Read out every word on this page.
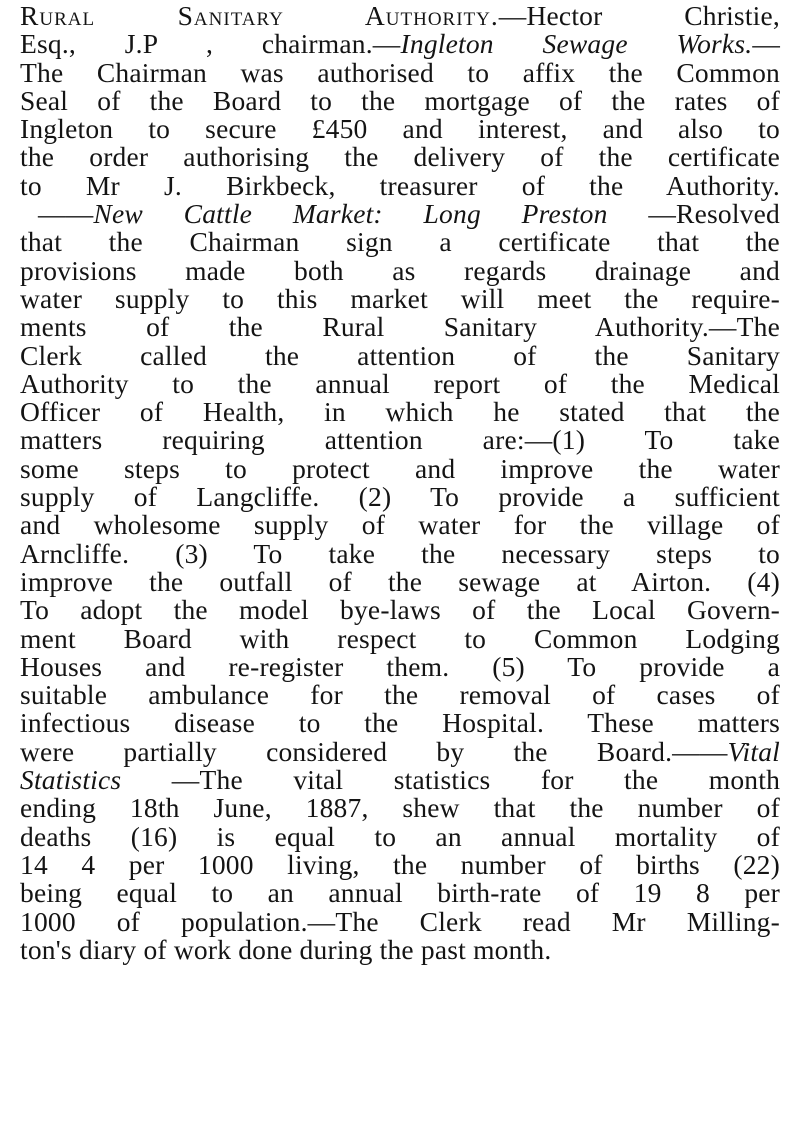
Rural Sanitary Authority.—Hector Christie,
Esq., J.P , chairman.—Ingleton Sewage Works.—
The Chairman was authorised to affix the Common
Seal of the Board to the mortgage of the rates of
Ingleton to secure £450 and interest, and also to
the order authorising the delivery of the certificate
to Mr J. Birkbeck, treasurer of the Authority.
——New Cattle Market: Long Preston —Resolved
that the Chairman sign a certificate that the
provisions made both as regards drainage and
water supply to this market will meet the require-
ments of the Rural Sanitary Authority.—The
Clerk called the attention of the Sanitary
Authority to the annual report of the Medical
Officer of Health, in which he stated that the
matters requiring attention are:—(1) To take
some steps to protect and improve the water
supply of Langcliffe. (2) To provide a sufficient
and wholesome supply of water for the village of
Arncliffe. (3) To take the necessary steps to
improve the outfall of the sewage at Airton. (4)
To adopt the model bye-laws of the Local Govern-
ment Board with respect to Common Lodging
Houses and re-register them. (5) To provide a
suitable ambulance for the removal of cases of
infectious disease to the Hospital. These matters
were partially considered by the Board.——Vital
Statistics —The vital statistics for the month
ending 18th June, 1887, shew that the number of
deaths (16) is equal to an annual mortality of
14 4 per 1000 living, the number of births (22)
being equal to an annual birth-rate of 19 8 per
1000 of population.—The Clerk read Mr Milling-
ton's diary of work done during the past month.
